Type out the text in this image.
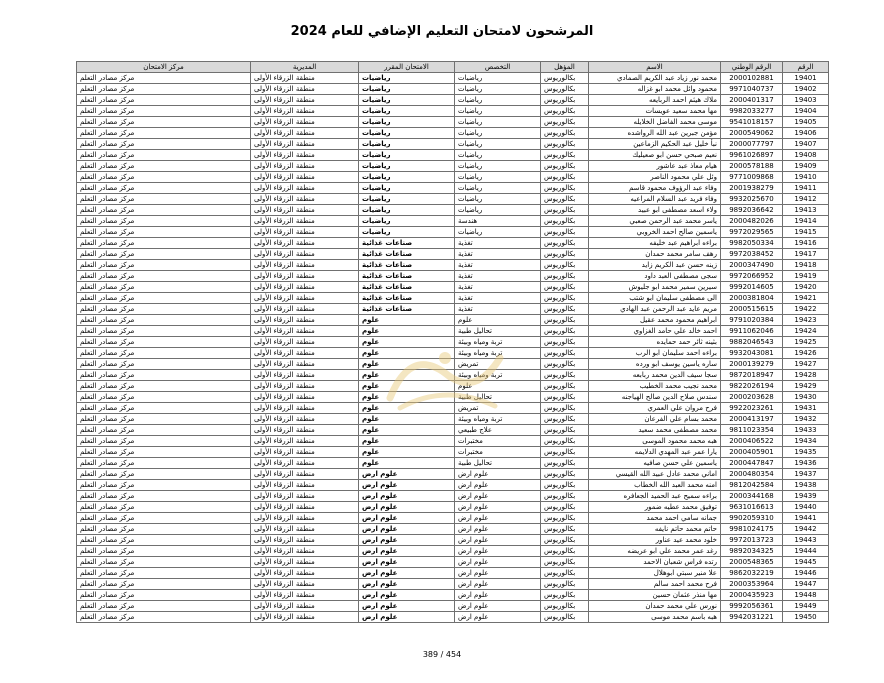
المرشحون لامتحان التعليم الإضافي للعام 2024
الرقم	الرقم الوطني	الاسم	المؤهل	التخصص	الامتحان المقرر	المديرية	مركز الامتحان
19401	2000102881	محمد نور زياد عبد الكريم الصمادي	بكالوريوس	رياضيات	رياضيات	منطقة الزرقاء الأولى	مركز مصادر التعلم
19402	9971040737	محمود وائل محمد ابو غزاله	بكالوريوس	رياضيات	رياضيات	منطقة الزرقاء الأولى	مركز مصادر التعلم
19403	2000401317	ملاك هيثم احمد الربايعه	بكالوريوس	رياضيات	رياضيات	منطقة الزرقاء الأولى	مركز مصادر التعلم
19404	9982033277	مها محمد سعيد عويسات	بكالوريوس	رياضيات	رياضيات	منطقة الزرقاء الأولى	مركز مصادر التعلم
19405	9541018157	موسى محمد الفاضل الخلايله	بكالوريوس	رياضيات	رياضيات	منطقة الزرقاء الأولى	مركز مصادر التعلم
19406	2000549062	مؤمن جبرين عبد الله الرواشده	بكالوريوس	رياضيات	رياضيات	منطقة الزرقاء الأولى	مركز مصادر التعلم
19407	2000077797	نبأ خليل عبد الحكيم الزماعين	بكالوريوس	رياضيات	رياضيات	منطقة الزرقاء الأولى	مركز مصادر التعلم
19408	9961026897	نعيم صبحي حسن ابو صعيليك	بكالوريوس	رياضيات	رياضيات	منطقة الزرقاء الأولى	مركز مصادر التعلم
19409	2000578188	هيام معاذ عبد عاشور	بكالوريوس	رياضيات	رياضيات	منطقة الزرقاء الأولى	مركز مصادر التعلم
19410	9771009868	وئل علي محمود الناصر	بكالوريوس	رياضيات	رياضيات	منطقة الزرقاء الأولى	مركز مصادر التعلم
19411	2001938279	وفاء عبد الرؤوف محمود قاسم	بكالوريوس	رياضيات	رياضيات	منطقة الزرقاء الأولى	مركز مصادر التعلم
19412	9932025670	وفاء فريد عبد السلام المراعيه	بكالوريوس	رياضيات	رياضيات	منطقة الزرقاء الأولى	مركز مصادر التعلم
19413	9892036642	ولاء اسعد مصطفى ابو عبيد	بكالوريوس	رياضيات	رياضيات	منطقة الزرقاء الأولى	مركز مصادر التعلم
19414	2000482026	ياسر محمد عبد الرحمن صعبي	بكالوريوس	هندسة	رياضيات	منطقة الزرقاء الأولى	مركز مصادر التعلم
19415	9972029565	ياسمين صالح احمد الخروبي	بكالوريوس	رياضيات	رياضيات	منطقة الزرقاء الأولى	مركز مصادر التعلم
19416	9982050334	براءه ابراهيم عبد خليفه	بكالوريوس	تغذية	صناعات غذائية	منطقة الزرقاء الأولى	مركز مصادر التعلم
19417	9972038452	رهف سامر محمد حمدان	بكالوريوس	تغذية	صناعات غذائية	منطقة الزرقاء الأولى	مركز مصادر التعلم
19418	2000347490	زينه حسن عبد الكريم زايد	بكالوريوس	تغذية	صناعات غذائية	منطقة الزرقاء الأولى	مركز مصادر التعلم
19419	9972066952	سجى مصطفى العبد داود	بكالوريوس	تغذية	صناعات غذائية	منطقة الزرقاء الأولى	مركز مصادر التعلم
19420	9992014605	سيرين سمير محمد ابو جليوش	بكالوريوس	تغذية	صناعات غذائية	منطقة الزرقاء الأولى	مركز مصادر التعلم
19421	2000381804	الى مصطفى سليمان ابو شتب	بكالوريوس	تغذية	صناعات غذائية	منطقة الزرقاء الأولى	مركز مصادر التعلم
19422	2000515615	مريم عايد عبد الرحمن عبد الهادي	بكالوريوس	تغذية	صناعات غذائية	منطقة الزرقاء الأولى	مركز مصادر التعلم
19423	9791020384	ابراهيم محمود محمد عقيل	بكالوريوس	علوم	علوم	منطقة الزرقاء الأولى	مركز مصادر التعلم
19424	9911062046	احمد خالد علي حامد الغزاوي	بكالوريوس	تحاليل طبية	علوم	منطقة الزرقاء الأولى	مركز مصادر التعلم
19425	9882046543	بثينه ثائر حمد حمايده	بكالوريوس	تربة ومياه وبيئة	علوم	منطقة الزرقاء الأولى	مركز مصادر التعلم
19426	9932043081	براءه احمد سليمان ابو الرب	بكالوريوس	تربة ومياه وبيئة	علوم	منطقة الزرقاء الأولى	مركز مصادر التعلم
19427	2000139279	ساره ياسين يوسف ابو ورده	بكالوريوس	تمريض	علوم	منطقة الزرقاء الأولى	مركز مصادر التعلم
19428	9872018947	سجا سيف الدين محمد ربابعه	بكالوريوس	تربة ومياه وبيئة	علوم	منطقة الزرقاء الأولى	مركز مصادر التعلم
19429	9822026194	محمد نجيب محمد الخطيب	بكالوريوس	علوم	علوم	منطقة الزرقاء الأولى	مركز مصادر التعلم
19430	2000203628	سندس صلاح الدين صالح الهياجنه	بكالوريوس	تحاليل طبية	علوم	منطقة الزرقاء الأولى	مركز مصادر التعلم
19431	9922023261	فرح مروان علي العمري	بكالوريوس	تمريض	علوم	منطقة الزرقاء الأولى	مركز مصادر التعلم
19432	2000413197	محمد بسام علي الفرعان	بكالوريوس	تربة ومياه وبيئة	علوم	منطقة الزرقاء الأولى	مركز مصادر التعلم
19433	9811023354	محمد مصطفى محمد سعيد	بكالوريوس	علاج طبيعي	علوم	منطقة الزرقاء الأولى	مركز مصادر التعلم
19434	2000406522	هبه محمد محمود الموسى	بكالوريوس	مختبرات	علوم	منطقة الزرقاء الأولى	مركز مصادر التعلم
19435	2000405901	يارا عمر عبد المهدي الدلايمه	بكالوريوس	مختبرات	علوم	منطقة الزرقاء الأولى	مركز مصادر التعلم
19436	2000447847	ياسمين علي حسن صافيه	بكالوريوس	تحاليل طبية	علوم	منطقة الزرقاء الأولى	مركز مصادر التعلم
19437	2000480354	اماني محمد عادل عبيد الله القيسي	بكالوريوس	علوم ارض	علوم ارض	منطقة الزرقاء الأولى	مركز مصادر التعلم
19438	9812042584	امنه محمد العبد الله الخطاب	بكالوريوس	علوم ارض	علوم ارض	منطقة الزرقاء الأولى	مركز مصادر التعلم
19439	2000344168	براءه سميح عبد الحميد الجعافره	بكالوريوس	علوم ارض	علوم ارض	منطقة الزرقاء الأولى	مركز مصادر التعلم
19440	9631016613	توفيق محمد عطيه ضمور	بكالوريوس	علوم ارض	علوم ارض	منطقة الزرقاء الأولى	مركز مصادر التعلم
19441	9902059310	جمانه سامي احمد محمد	بكالوريوس	علوم ارض	علوم ارض	منطقة الزرقاء الأولى	مركز مصادر التعلم
19442	9981024175	حاتم محمد حاتم نايفه	بكالوريوس	علوم ارض	علوم ارض	منطقة الزرقاء الأولى	مركز مصادر التعلم
19443	9972013723	خلود محمد عيد عناور	بكالوريوس	علوم ارض	علوم ارض	منطقة الزرقاء الأولى	مركز مصادر التعلم
19444	9892034325	رغد عمر محمد علي ابو عريضه	بكالوريوس	علوم ارض	علوم ارض	منطقة الزرقاء الأولى	مركز مصادر التعلم
19445	2000548365	رتده فراس شعبان الاحمد	بكالوريوس	علوم ارض	علوم ارض	منطقة الزرقاء الأولى	مركز مصادر التعلم
19446	9862032219	علا منير سبتي ابوهلال	بكالوريوس	علوم ارض	علوم ارض	منطقة الزرقاء الأولى	مركز مصادر التعلم
19447	2000353964	فرح محمد احمد سالم	بكالوريوس	علوم ارض	علوم ارض	منطقة الزرقاء الأولى	مركز مصادر التعلم
19448	2000435923	مها منذر عثمان حسين	بكالوريوس	علوم ارض	علوم ارض	منطقة الزرقاء الأولى	مركز مصادر التعلم
19449	9992056361	نورس علي محمد حمدان	بكالوريوس	علوم ارض	علوم ارض	منطقة الزرقاء الأولى	مركز مصادر التعلم
19450	9942031221	هبه باسم محمد موسى	بكالوريوس	علوم ارض	علوم ارض	منطقة الزرقاء الأولى	مركز مصادر التعلم
389 / 454
